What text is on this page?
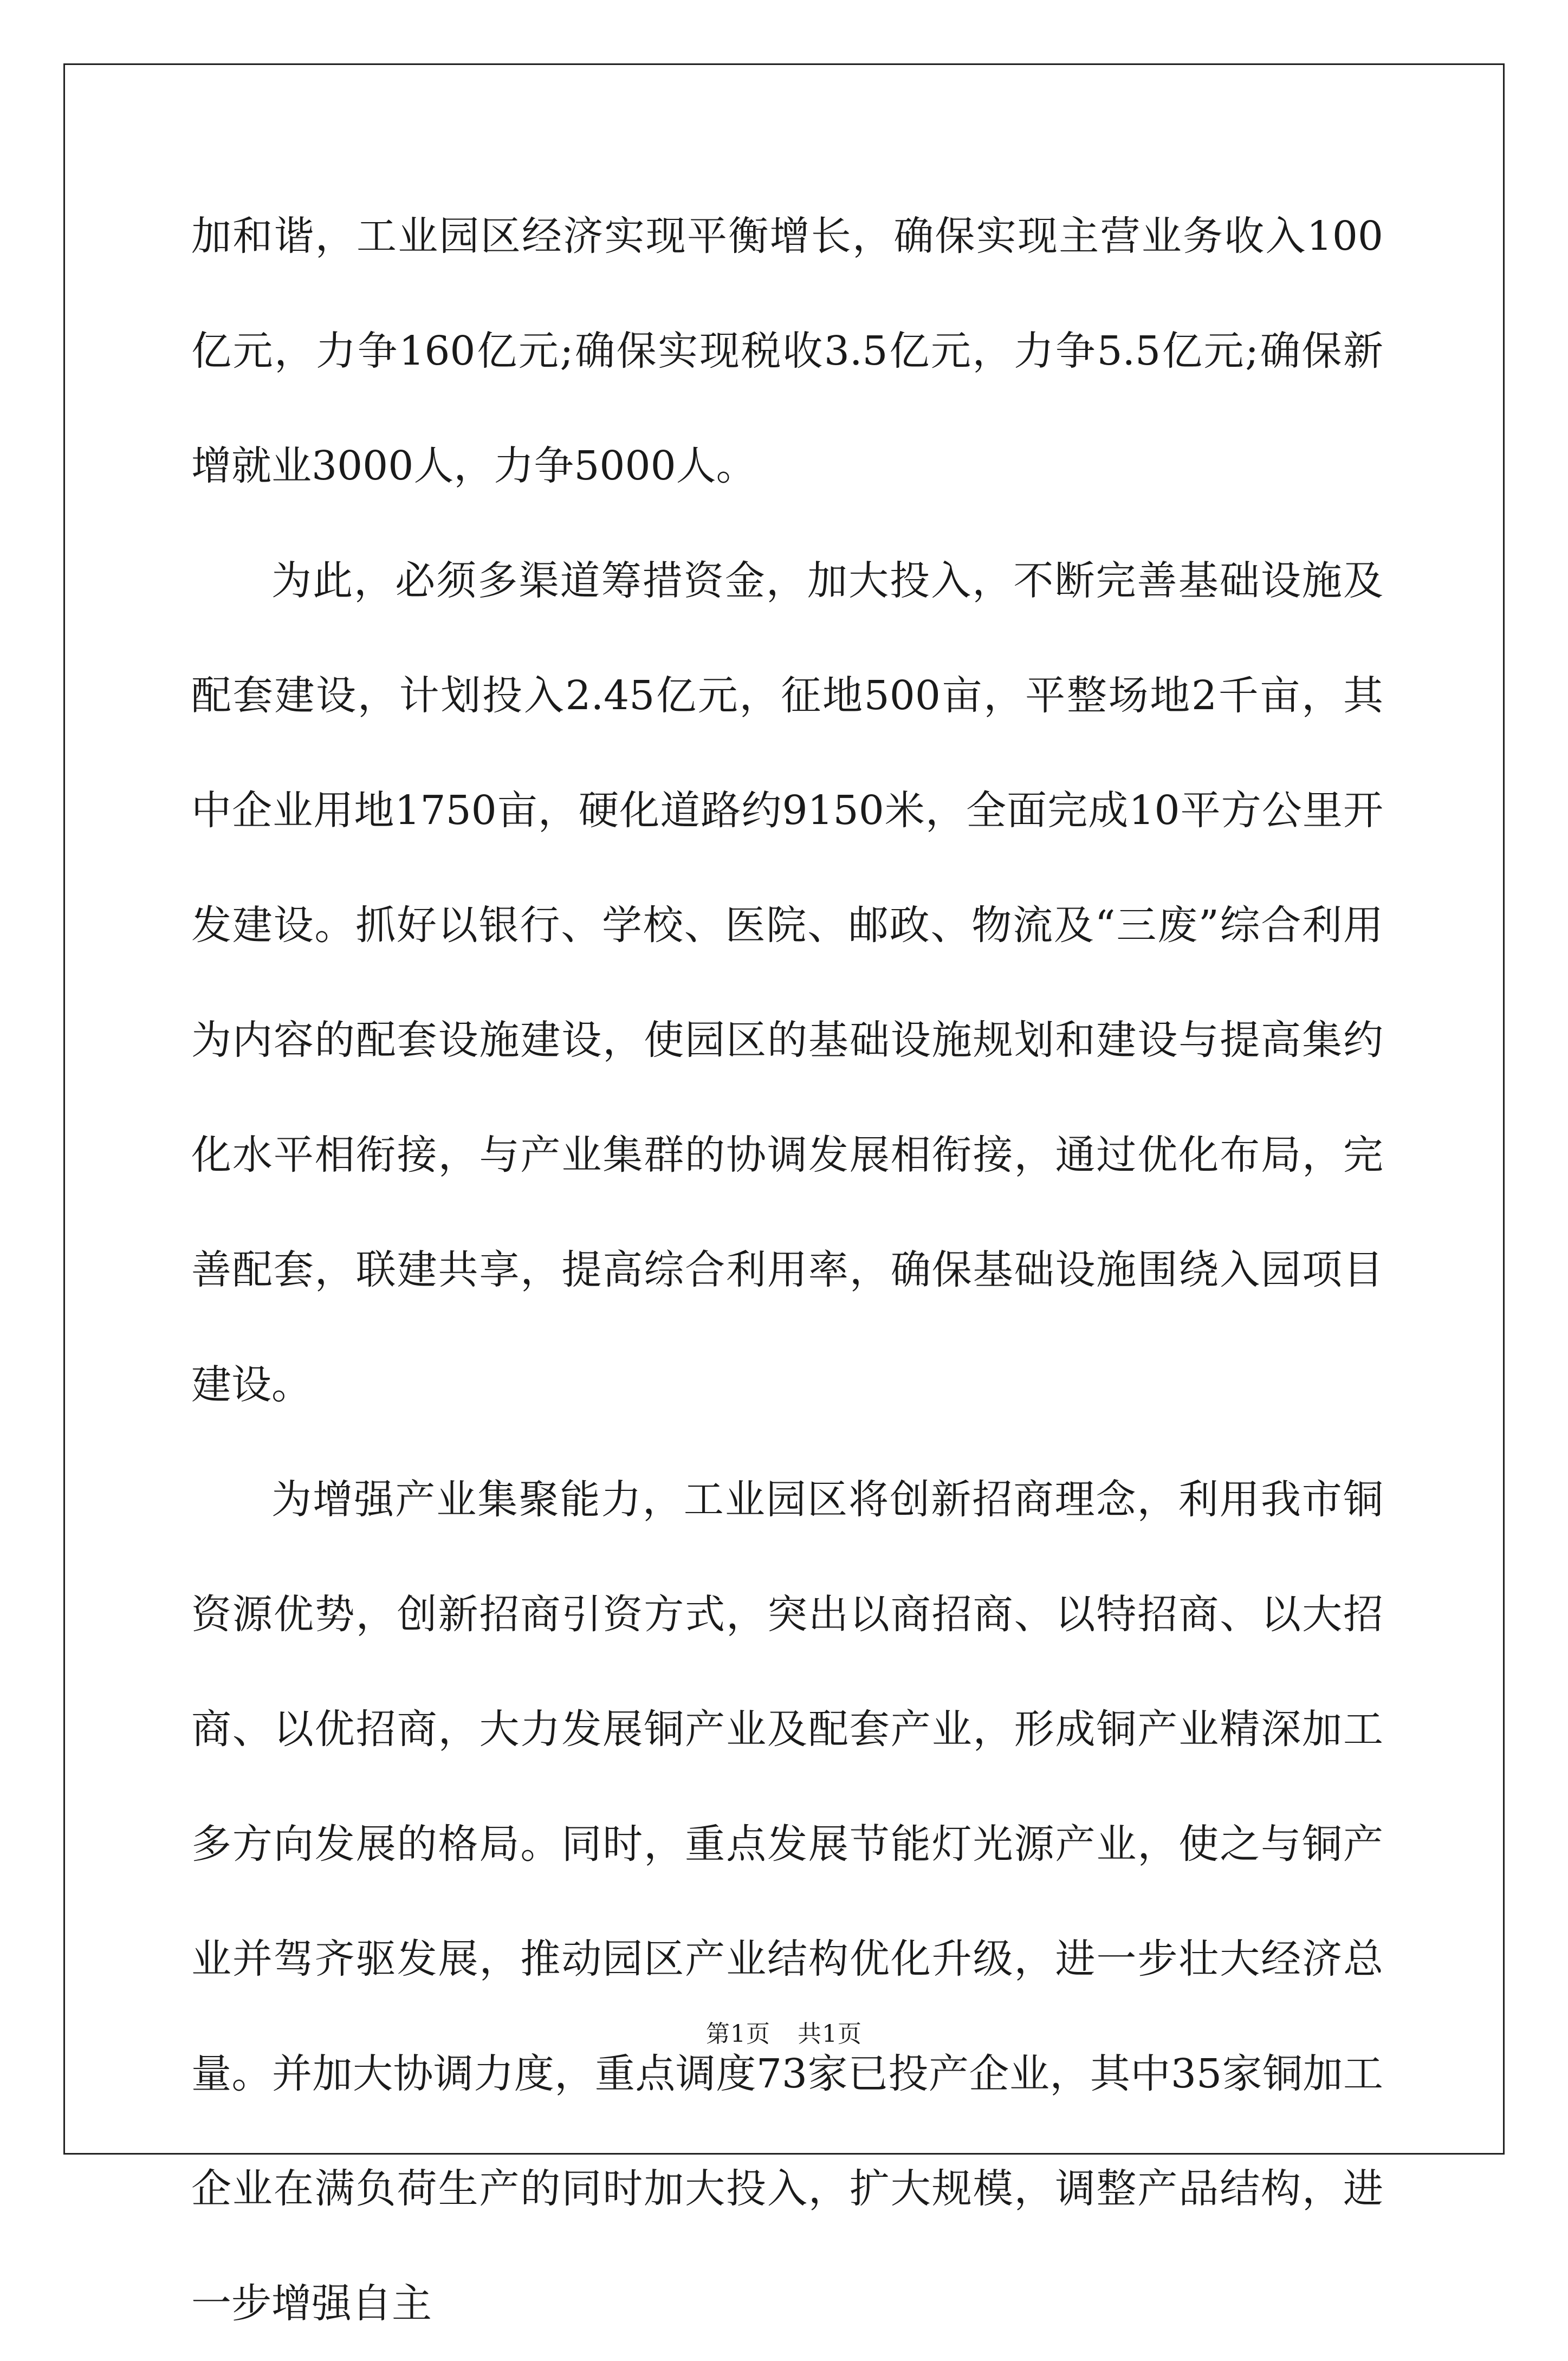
加和谐，工业园区经济实现平衡增长，确保实现主营业务收入100亿元，力争160亿元;确保实现税收3.5亿元，力争5.5亿元;确保新增就业3000人，力争5000人。

为此，必须多渠道筹措资金，加大投入，不断完善基础设施及配套建设，计划投入2.45亿元，征地500亩，平整场地2千亩，其中企业用地1750亩，硬化道路约9150米，全面完成10平方公里开发建设。抓好以银行、学校、医院、邮政、物流及“三废”综合利用为内容的配套设施建设，使园区的基础设施规划和建设与提高集约化水平相衔接，与产业集群的协调发展相衔接，通过优化布局，完善配套，联建共享，提高综合利用率，确保基础设施围绕入园项目建设。

为增强产业集聚能力，工业园区将创新招商理念，利用我市铜资源优势，创新招商引资方式，突出以商招商、以特招商、以大招商、以优招商，大力发展铜产业及配套产业，形成铜产业精深加工多方向发展的格局。同时，重点发展节能灯光源产业，使之与铜产业并驾齐驱发展，推动园区产业结构优化升级，进一步壮大经济总量。并加大协调力度，重点调度73家已投产企业，其中35家铜加工企业在满负荷生产的同时加大投入，扩大规模，调整产品结构，进一步增强自主

第1页 共1页
